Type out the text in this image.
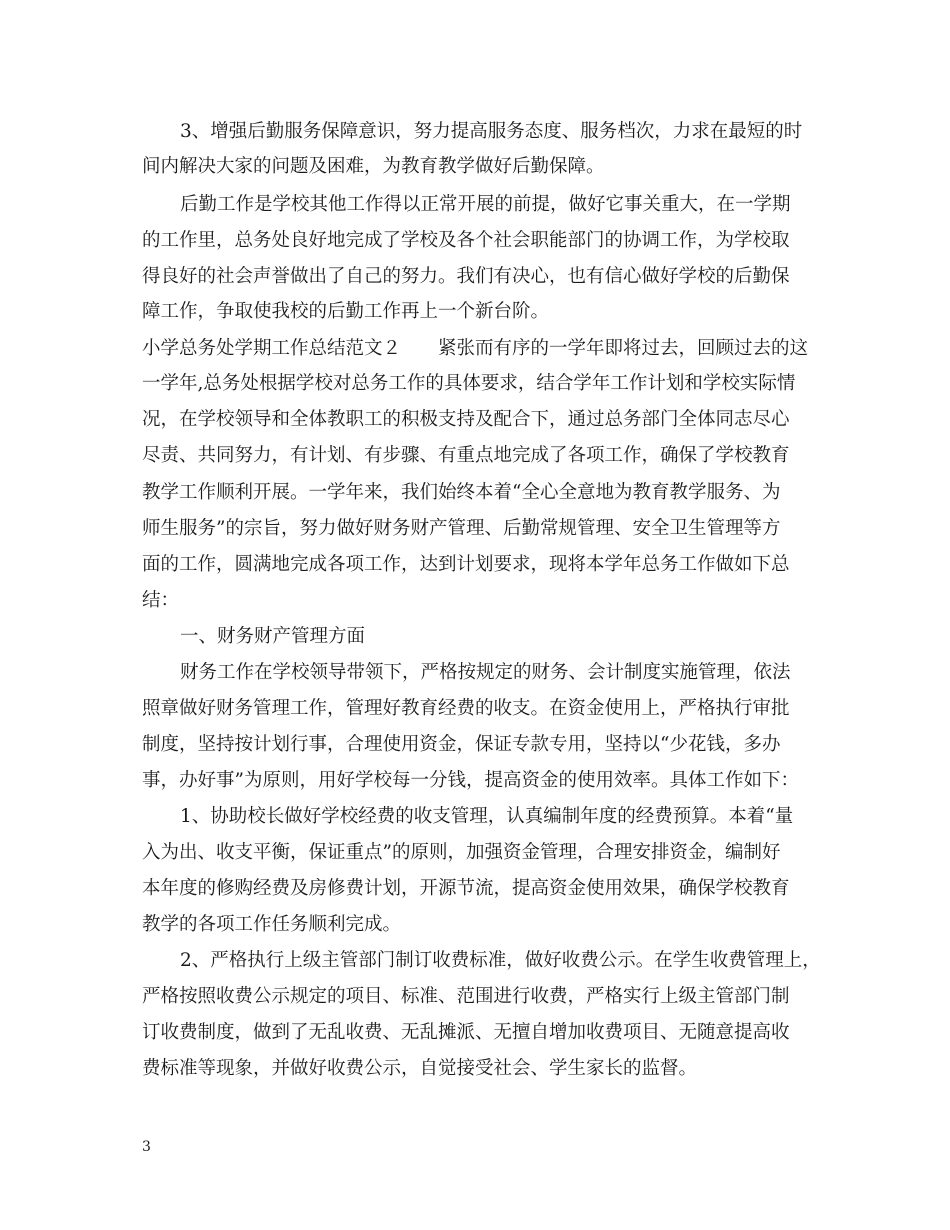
3、增强后勤服务保障意识，努力提高服务态度、服务档次，力求在最短的时

间内解决大家的问题及困难，为教育教学做好后勤保障。

后勤工作是学校其他工作得以正常开展的前提，做好它事关重大，在一学期

的工作里，总务处良好地完成了学校及各个社会职能部门的协调工作，为学校取

得良好的社会声誉做出了自己的努力。我们有决心，也有信心做好学校的后勤保

障工作，争取使我校的后勤工作再上一个新台阶。

小学总务处学期工作总结范文２　　紧张而有序的一学年即将过去，回顾过去的这

一学年,总务处根据学校对总务工作的具体要求，结合学年工作计划和学校实际情

况，在学校领导和全体教职工的积极支持及配合下，通过总务部门全体同志尽心

尽责、共同努力，有计划、有步骤、有重点地完成了各项工作，确保了学校教育

教学工作顺利开展。一学年来，我们始终本着“全心全意地为教育教学服务、为

师生服务”的宗旨，努力做好财务财产管理、后勤常规管理、安全卫生管理等方

面的工作，圆满地完成各项工作，达到计划要求，现将本学年总务工作做如下总

结：

一、财务财产管理方面

财务工作在学校领导带领下，严格按规定的财务、会计制度实施管理，依法

照章做好财务管理工作，管理好教育经费的收支。在资金使用上，严格执行审批

制度，坚持按计划行事，合理使用资金，保证专款专用，坚持以“少花钱，多办

事，办好事”为原则，用好学校每一分钱，提高资金的使用效率。具体工作如下：

1、协助校长做好学校经费的收支管理，认真编制年度的经费预算。本着“量

入为出、收支平衡，保证重点”的原则，加强资金管理，合理安排资金，编制好

本年度的修购经费及房修费计划，开源节流，提高资金使用效果，确保学校教育

教学的各项工作任务顺利完成。

2、严格执行上级主管部门制订收费标准，做好收费公示。在学生收费管理上，

严格按照收费公示规定的项目、标准、范围进行收费，严格实行上级主管部门制

订收费制度，做到了无乱收费、无乱摊派、无擅自增加收费项目、无随意提高收

费标准等现象，并做好收费公示，自觉接受社会、学生家长的监督。

3
